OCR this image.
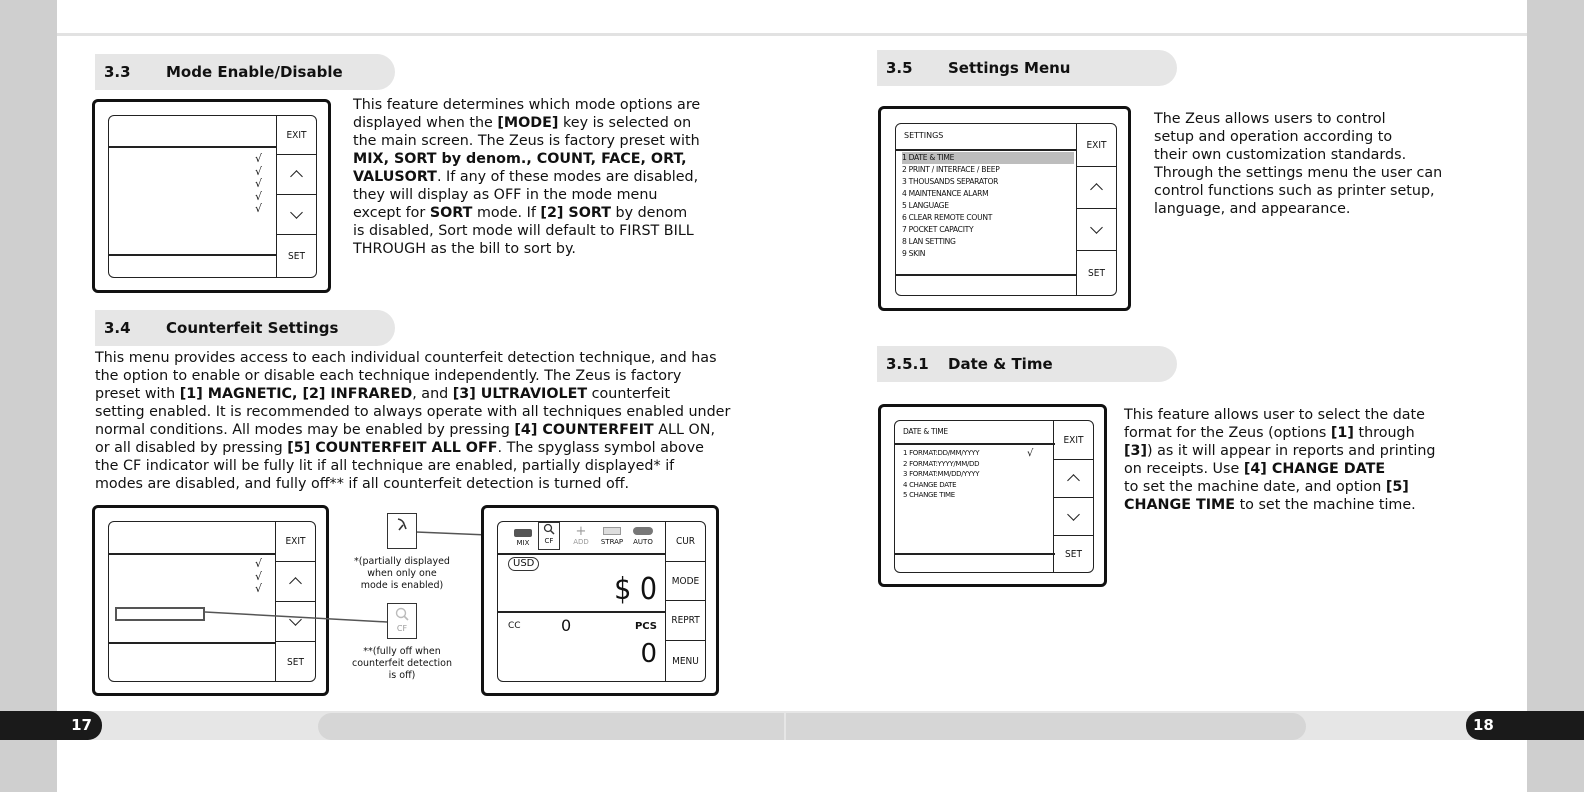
3.3 Mode Enable/Disable
EXIT
SET
√
√
√
√
√
This feature determines which mode options are
displayed when the [MODE] key is selected on
the main screen. The Zeus is factory preset with
MIX, SORT by denom., COUNT, FACE, ORT,
VALUSORT. If any of these modes are disabled,
they will display as OFF in the mode menu
except for SORT mode. If [2] SORT by denom
is disabled, Sort mode will default to FIRST BILL
THROUGH as the bill to sort by.
3.4 Counterfeit Settings
This menu provides access to each individual counterfeit detection technique, and has
the option to enable or disable each technique independently. The Zeus is factory
preset with [1] MAGNETIC, [2] INFRARED, and [3] ULTRAVIOLET counterfeit
setting enabled. It is recommended to always operate with all techniques enabled under
normal conditions. All modes may be enabled by pressing [4] COUNTERFEIT ALL ON,
or all disabled by pressing [5] COUNTERFEIT ALL OFF. The spyglass symbol above
the CF indicator will be fully lit if all technique are enabled, partially displayed* if
modes are disabled, and fully off** if all counterfeit detection is turned off.
EXIT
SET
√
√
√
*(partially displayed
when only one
mode is enabled)
CF
**(fully off when
counterfeit detection
is off)
CUR
MODE
REPRT
MENU
MIX	CF
+
ADD	STRAP	AUTO
USD
$ 0
CC	0	PCS
0
3.5 Settings Menu
SETTINGS
1 DATE & TIME
2 PRINT / INTERFACE / BEEP
3 THOUSANDS SEPARATOR
4 MAINTENANCE ALARM
5 LANGUAGE
6 CLEAR REMOTE COUNT
7 POCKET CAPACITY
8 LAN SETTING
9 SKIN
EXIT
SET
The Zeus allows users to control
setup and operation according to
their own customization standards.
Through the settings menu the user can
control functions such as printer setup,
language, and appearance.
3.5.1 Date & Time
DATE & TIME
1 FORMAT:DD/MM/YYYY
2 FORMAT:YYYY/MM/DD
3 FORMAT:MM/DD/YYYY
4 CHANGE DATE
5 CHANGE TIME
√
EXIT
SET
This feature allows user to select the date
format for the Zeus (options [1] through
[3]) as it will appear in reports and printing
on receipts. Use [4] CHANGE DATE
to set the machine date, and option [5]
CHANGE TIME to set the machine time.
17	18
